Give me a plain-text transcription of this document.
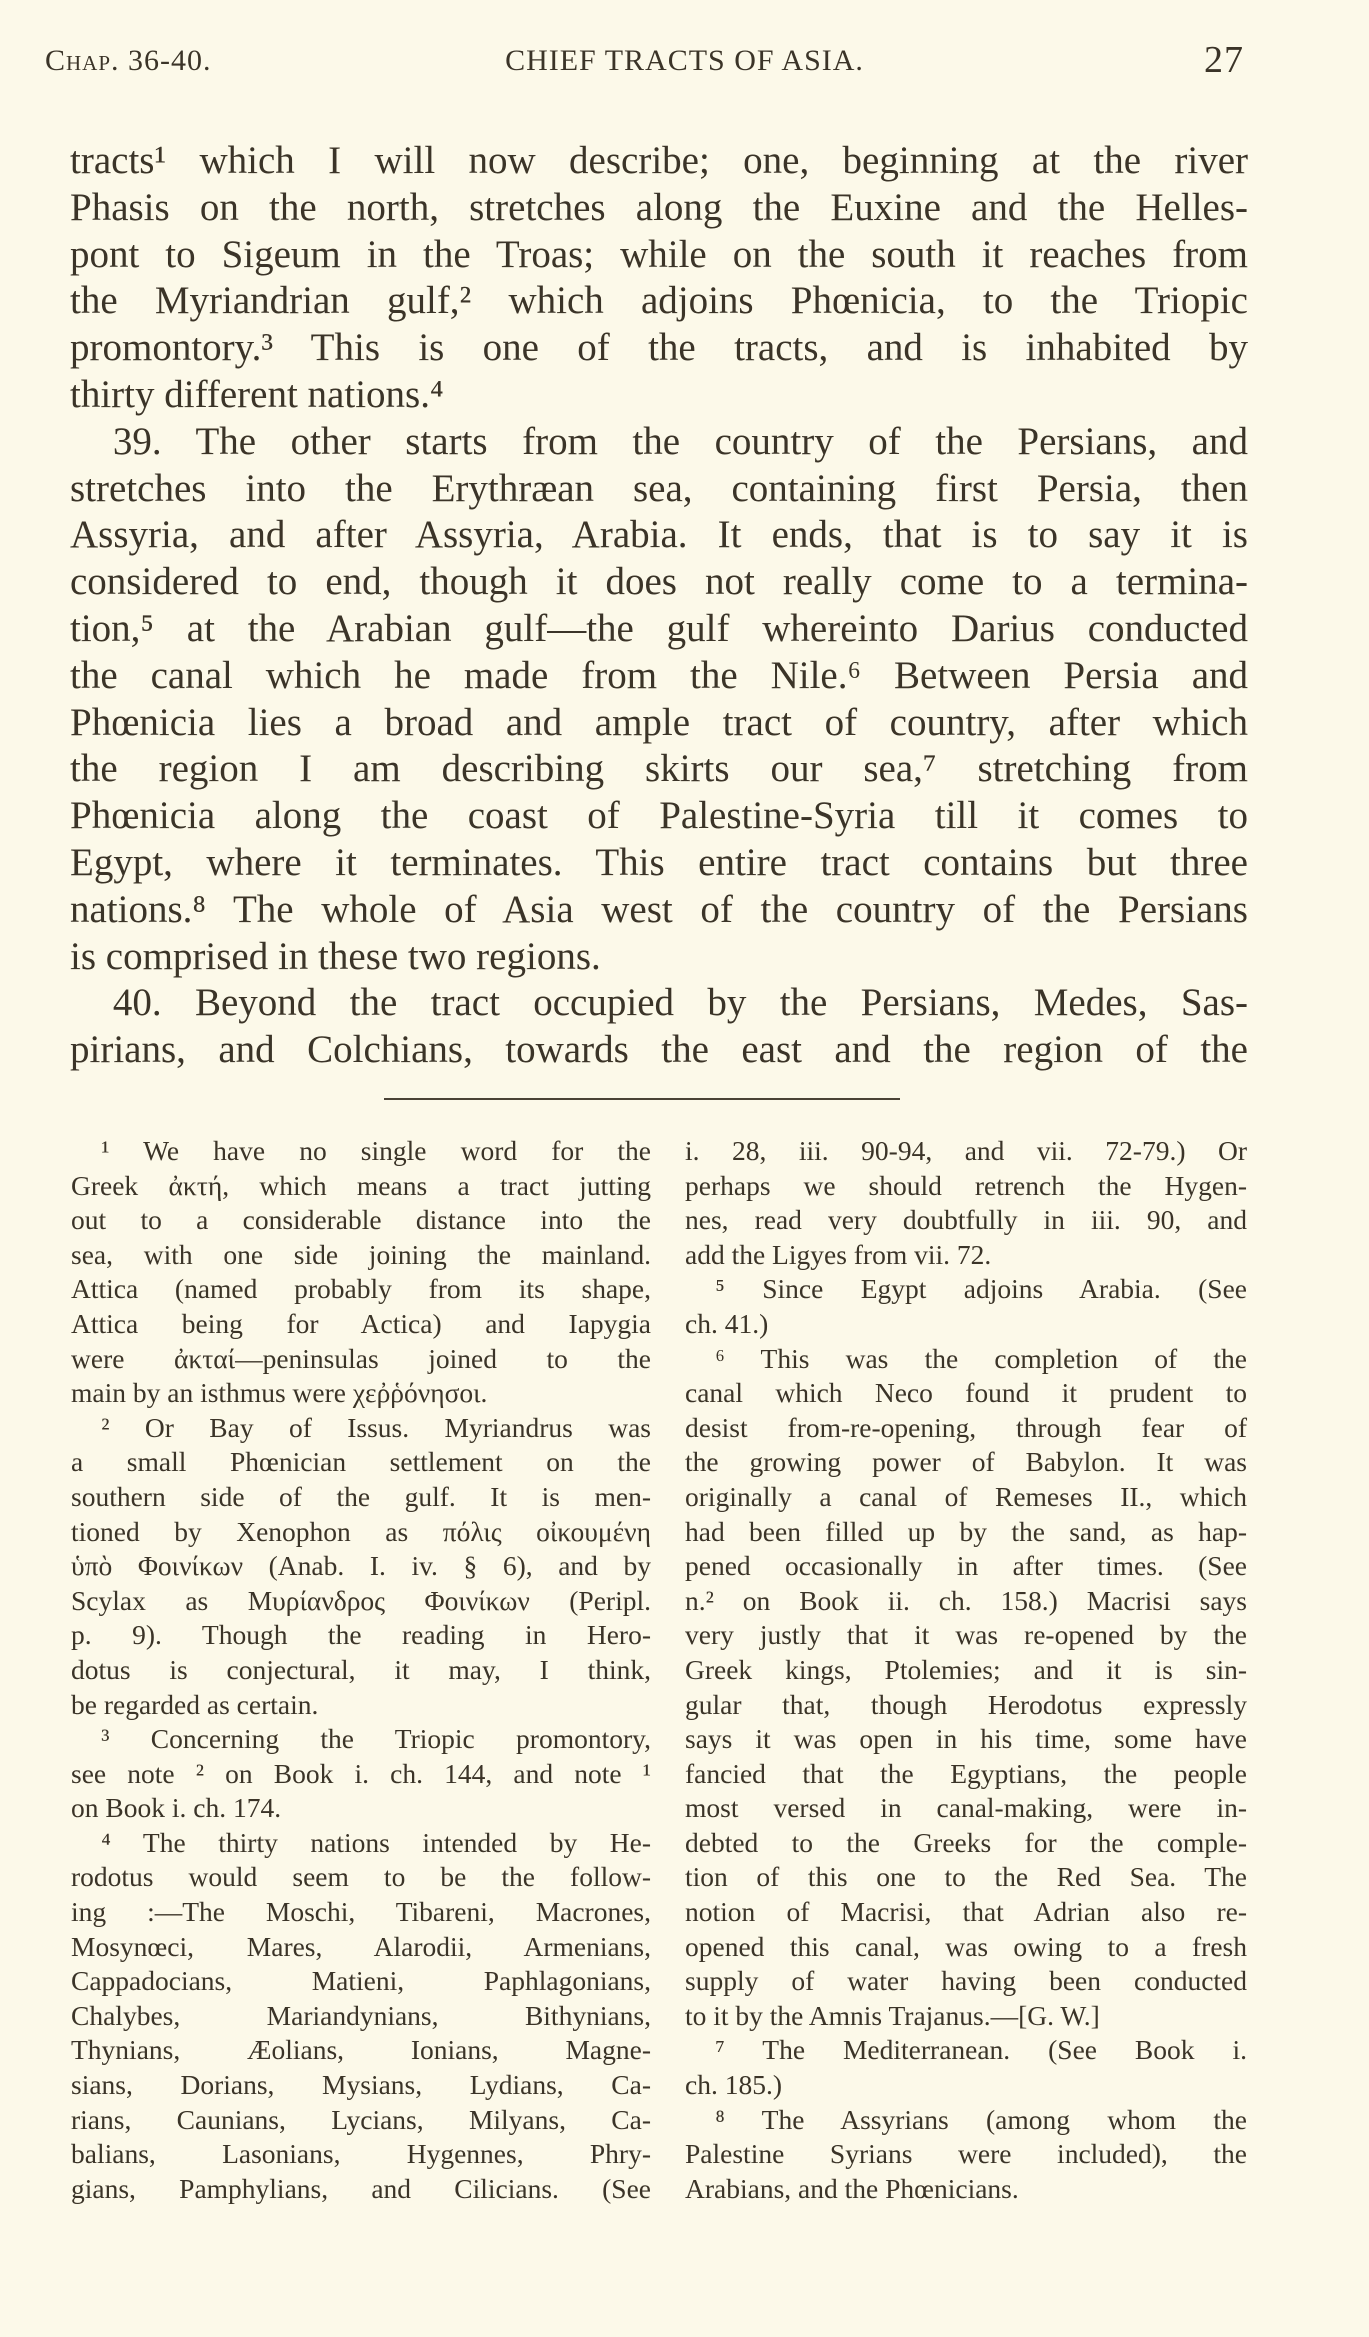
Chap. 36-40.	CHIEF TRACTS OF ASIA.	27
tracts¹ which I will now describe; one, beginning at the river
Phasis on the north, stretches along the Euxine and the Helles-
pont to Sigeum in the Troas; while on the south it reaches from
the Myriandrian gulf,² which adjoins Phœnicia, to the Triopic
promontory.³ This is one of the tracts, and is inhabited by
thirty different nations.⁴
39. The other starts from the country of the Persians, and
stretches into the Erythræan sea, containing first Persia, then
Assyria, and after Assyria, Arabia. It ends, that is to say it is
considered to end, though it does not really come to a termina-
tion,⁵ at the Arabian gulf—the gulf whereinto Darius conducted
the canal which he made from the Nile.⁶ Between Persia and
Phœnicia lies a broad and ample tract of country, after which
the region I am describing skirts our sea,⁷ stretching from
Phœnicia along the coast of Palestine-Syria till it comes to
Egypt, where it terminates. This entire tract contains but three
nations.⁸ The whole of Asia west of the country of the Persians
is comprised in these two regions.
40. Beyond the tract occupied by the Persians, Medes, Sas-
pirians, and Colchians, towards the east and the region of the
¹ We have no single word for the
Greek ἀκτή, which means a tract jutting
out to a considerable distance into the
sea, with one side joining the mainland.
Attica (named probably from its shape,
Attica being for Actica) and Iapygia
were ἀκταί—peninsulas joined to the
main by an isthmus were χεῤῥόνησοι.
² Or Bay of Issus. Myriandrus was
a small Phœnician settlement on the
southern side of the gulf. It is men-
tioned by Xenophon as πόλις οἰκουμένη
ὑπὸ Φοινίκων (Anab. I. iv. § 6), and by
Scylax as Μυρίανδρος Φοινίκων (Peripl.
p. 9). Though the reading in Hero-
dotus is conjectural, it may, I think,
be regarded as certain.
³ Concerning the Triopic promontory,
see note ² on Book i. ch. 144, and note ¹
on Book i. ch. 174.
⁴ The thirty nations intended by He-
rodotus would seem to be the follow-
ing :—The Moschi, Tibareni, Macrones,
Mosynœci, Mares, Alarodii, Armenians,
Cappadocians, Matieni, Paphlagonians,
Chalybes, Mariandynians, Bithynians,
Thynians, Æolians, Ionians, Magne-
sians, Dorians, Mysians, Lydians, Ca-
rians, Caunians, Lycians, Milyans, Ca-
balians, Lasonians, Hygennes, Phry-
gians, Pamphylians, and Cilicians. (See
i. 28, iii. 90-94, and vii. 72-79.) Or
perhaps we should retrench the Hygen-
nes, read very doubtfully in iii. 90, and
add the Ligyes from vii. 72.
⁵ Since Egypt adjoins Arabia. (See
ch. 41.)
⁶ This was the completion of the
canal which Neco found it prudent to
desist from-re-opening, through fear of
the growing power of Babylon. It was
originally a canal of Remeses II., which
had been filled up by the sand, as hap-
pened occasionally in after times. (See
n.² on Book ii. ch. 158.) Macrisi says
very justly that it was re-opened by the
Greek kings, Ptolemies; and it is sin-
gular that, though Herodotus expressly
says it was open in his time, some have
fancied that the Egyptians, the people
most versed in canal-making, were in-
debted to the Greeks for the comple-
tion of this one to the Red Sea. The
notion of Macrisi, that Adrian also re-
opened this canal, was owing to a fresh
supply of water having been conducted
to it by the Amnis Trajanus.—[G. W.]
⁷ The Mediterranean. (See Book i.
ch. 185.)
⁸ The Assyrians (among whom the
Palestine Syrians were included), the
Arabians, and the Phœnicians.
